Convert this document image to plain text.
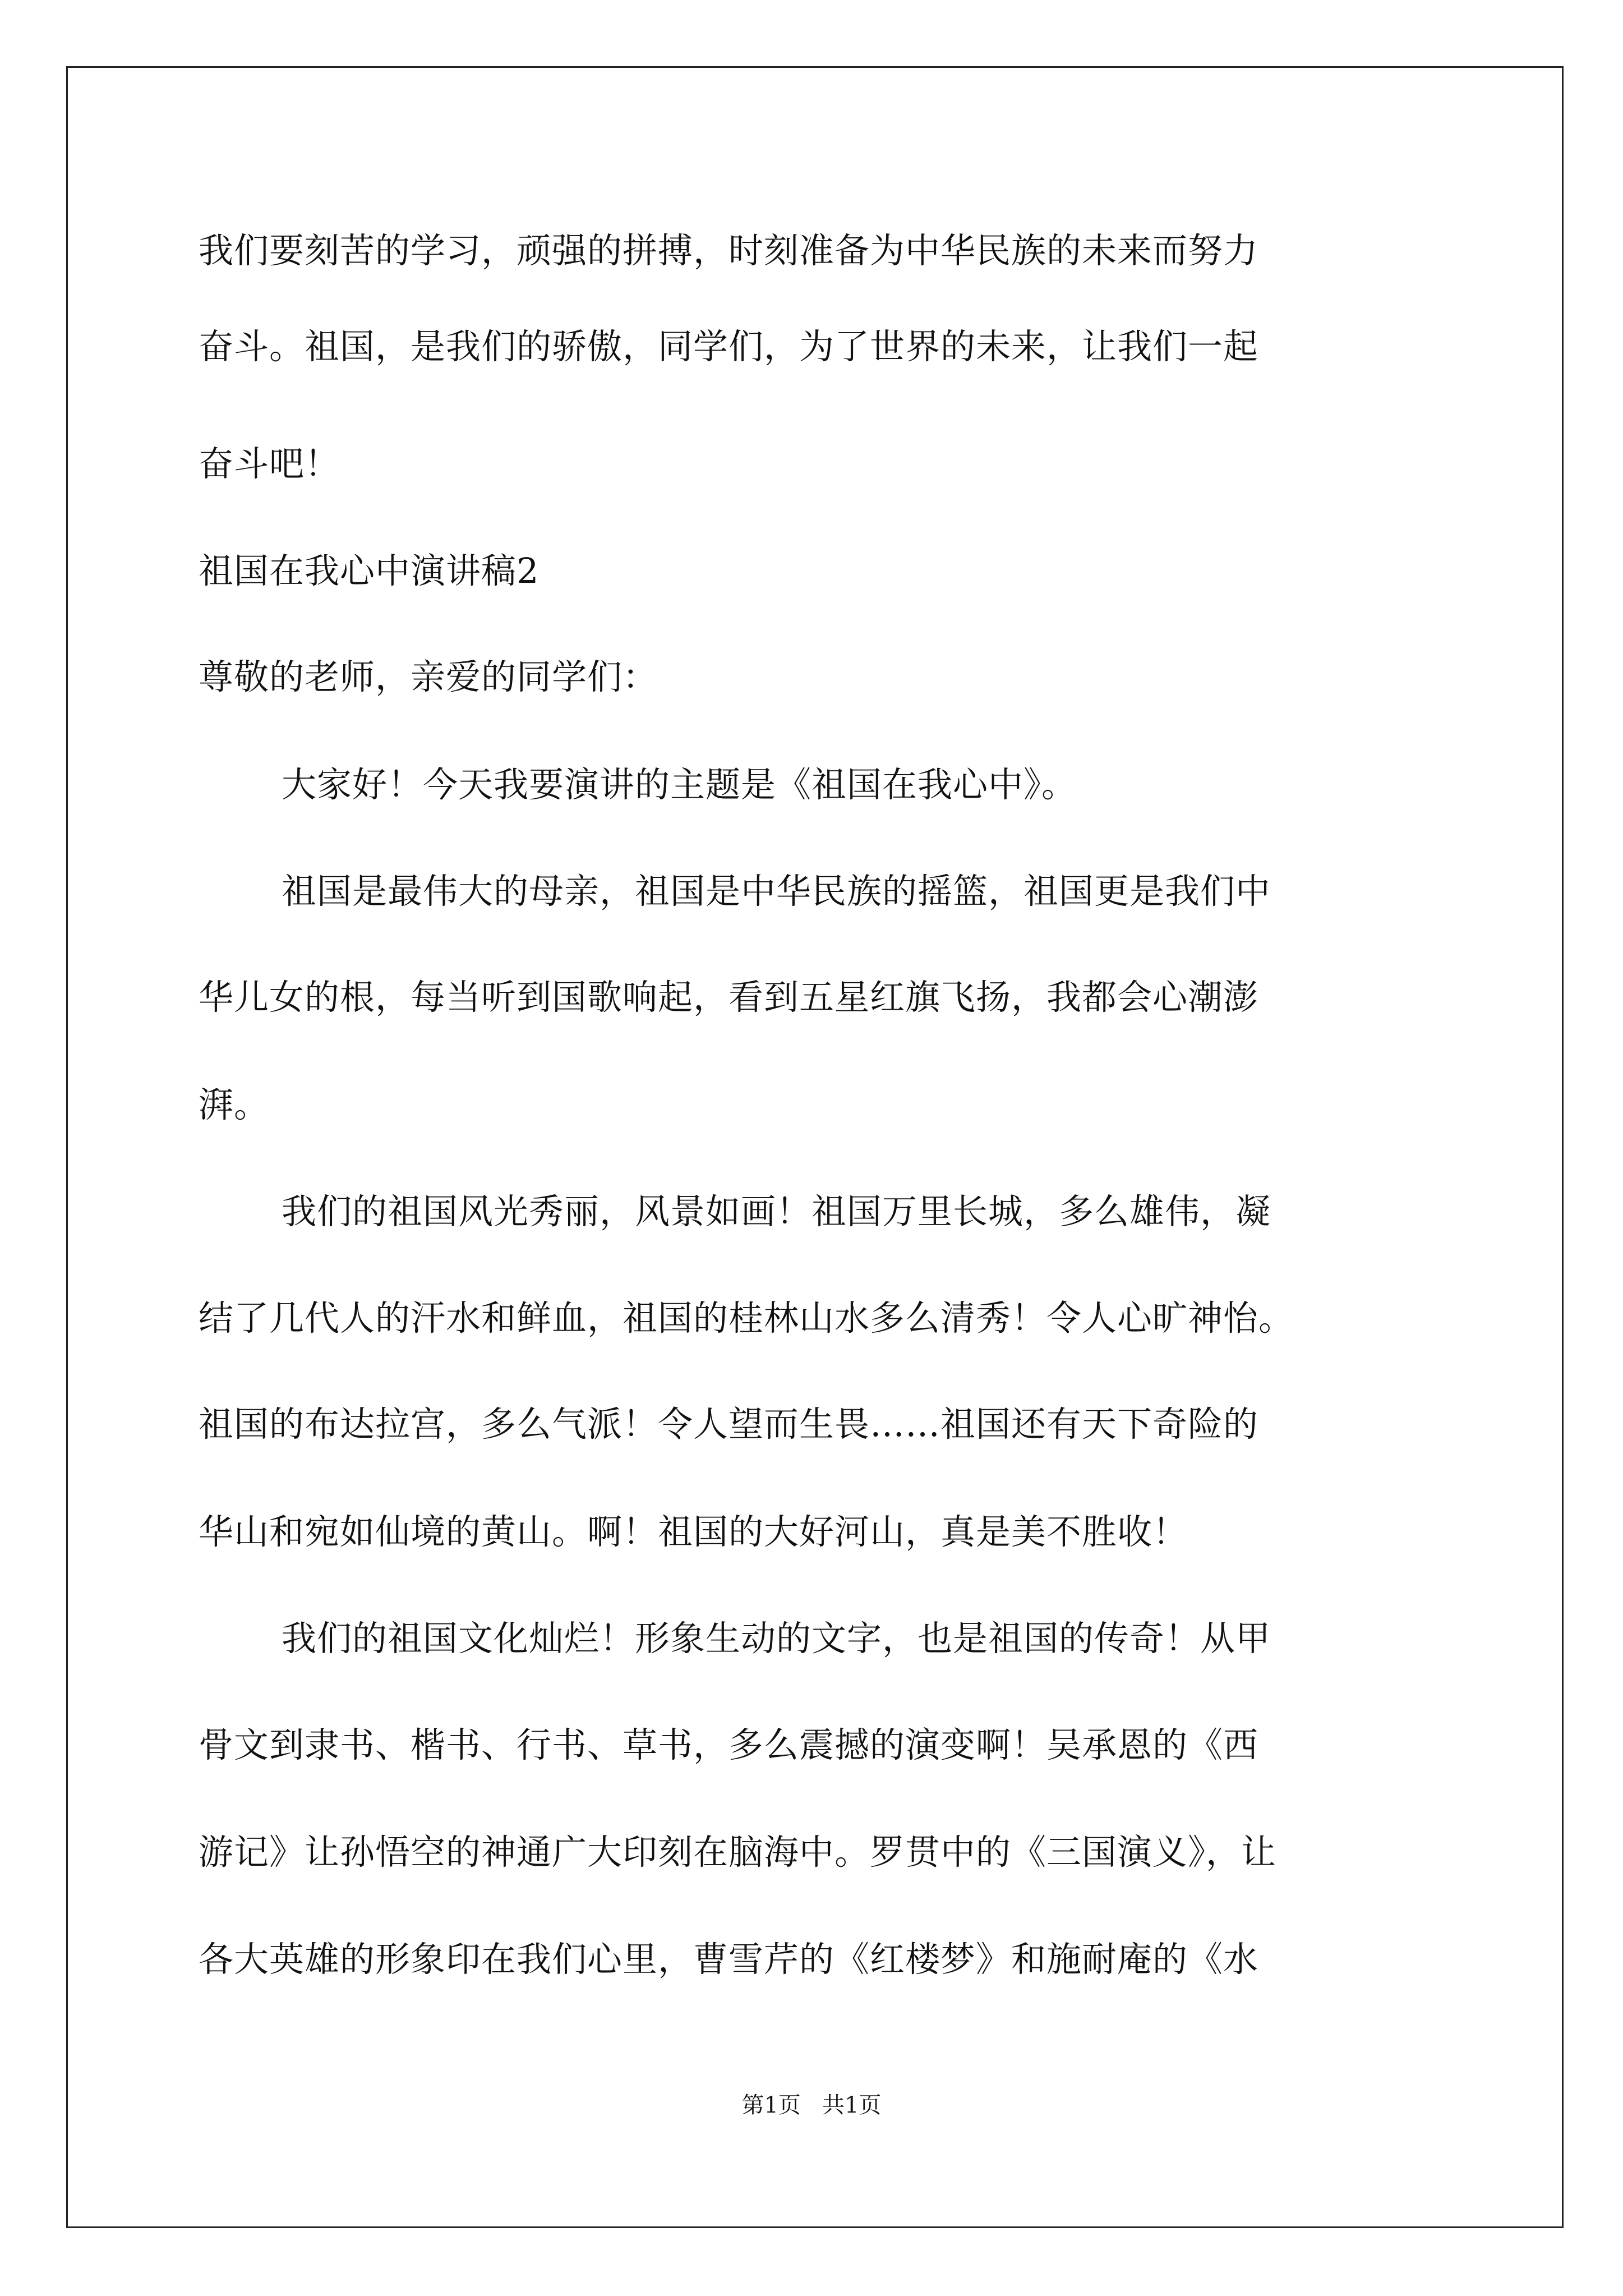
我们要刻苦的学习，顽强的拼搏，时刻准备为中华民族的未来而努力
奋斗。祖国，是我们的骄傲，同学们，为了世界的未来，让我们一起
奋斗吧！
祖国在我心中演讲稿2
尊敬的老师，亲爱的同学们：
大家好！今天我要演讲的主题是《祖国在我心中》。
祖国是最伟大的母亲，祖国是中华民族的摇篮，祖国更是我们中
华儿女的根，每当听到国歌响起，看到五星红旗飞扬，我都会心潮澎
湃。
我们的祖国风光秀丽，风景如画！祖国万里长城，多么雄伟，凝
结了几代人的汗水和鲜血，祖国的桂林山水多么清秀！令人心旷神怡。
祖国的布达拉宫，多么气派！令人望而生畏……祖国还有天下奇险的
华山和宛如仙境的黄山。啊！祖国的大好河山，真是美不胜收！
我们的祖国文化灿烂！形象生动的文字，也是祖国的传奇！从甲
骨文到隶书、楷书、行书、草书，多么震撼的演变啊！吴承恩的《西
游记》让孙悟空的神通广大印刻在脑海中。罗贯中的《三国演义》，让
各大英雄的形象印在我们心里，曹雪芹的《红楼梦》和施耐庵的《水
第1页   共1页
